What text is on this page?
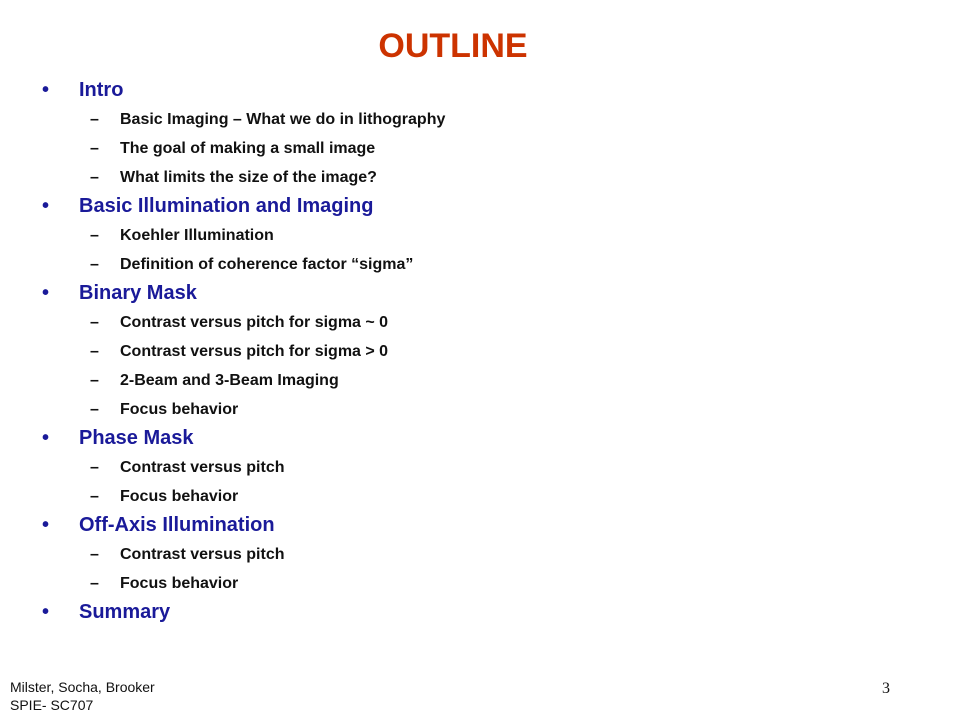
OUTLINE
• Intro
– Basic Imaging – What we do in lithography
– The goal of making a small image
– What limits the size of the image?
• Basic Illumination and Imaging
– Koehler Illumination
– Definition of coherence factor “sigma”
• Binary Mask
– Contrast versus pitch for sigma ~ 0
– Contrast versus pitch for sigma > 0
– 2-Beam and 3-Beam Imaging
– Focus behavior
• Phase Mask
– Contrast versus pitch
– Focus behavior
• Off-Axis Illumination
– Contrast versus pitch
– Focus behavior
• Summary
Milster, Socha, Brooker
SPIE- SC707
3
